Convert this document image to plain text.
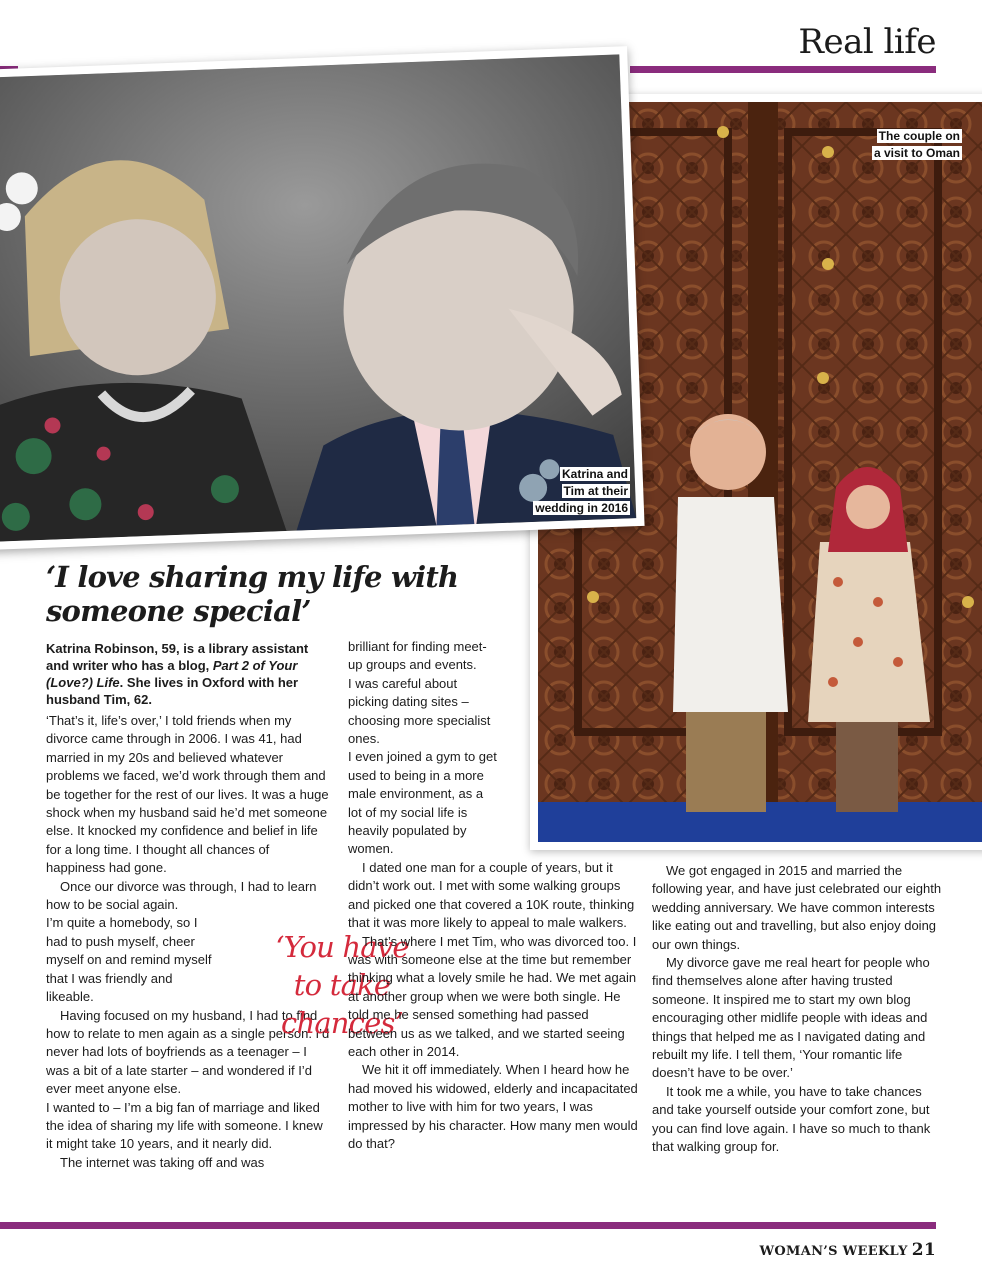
Real life
The couple on
a visit to Oman
Katrina and
Tim at their
wedding in 2016
‘I love sharing my life with someone special’

Katrina Robinson, 59, is a library assistant and writer who has a blog, Part 2 of Your (Love?) Life. She lives in Oxford with her husband Tim, 62.

‘That’s it, life’s over,’ I told friends when my divorce came through in 2006. I was 41, had married in my 20s and believed whatever problems we faced, we’d work through them and be together for the rest of our lives. It was a huge shock when my husband said he’d met someone else. It knocked my confidence and belief in life for a long time. I thought all chances of happiness had gone.

Once our divorce was through, I had to learn how to be social again.

I’m quite a homebody, so I had to push myself, cheer myself on and remind myself that I was friendly and likeable.

Having focused on my husband, I had to find how to relate to men again as a single person. I’d never had lots of boyfriends as a teenager – I was a bit of a late starter – and wondered if I’d ever meet anyone else.

I wanted to – I’m a big fan of marriage and liked the idea of sharing my life with someone. I knew it might take 10 years, and it nearly did.

The internet was taking off and was

‘You have to take chances’

brilliant for finding meet-up groups and events.

I was careful about picking dating sites – choosing more specialist ones.

I even joined a gym to get used to being in a more male environment, as a lot of my social life is heavily populated by women.

I dated one man for a couple of years, but it didn’t work out. I met with some walking groups and picked one that covered a 10K route, thinking that it was more likely to appeal to male walkers.

That’s where I met Tim, who was divorced too. I was with someone else at the time but remember thinking what a lovely smile he had. We met again at another group when we were both single. He told me he sensed something had passed between us as we talked, and we started seeing each other in 2014.

We hit it off immediately. When I heard how he had moved his widowed, elderly and incapacitated mother to live with him for two years, I was impressed by his character. How many men would do that?

We got engaged in 2015 and married the following year, and have just celebrated our eighth wedding anniversary. We have common interests like eating out and travelling, but also enjoy doing our own things.

My divorce gave me real heart for people who find themselves alone after having trusted someone. It inspired me to start my own blog encouraging other midlife people with ideas and things that helped me as I navigated dating and rebuilt my life. I tell them, ‘Your romantic life doesn’t have to be over.’

It took me a while, you have to take chances and take yourself outside your comfort zone, but you can find love again. I have so much to thank that walking group for.

WOMAN’S WEEKLY 21
